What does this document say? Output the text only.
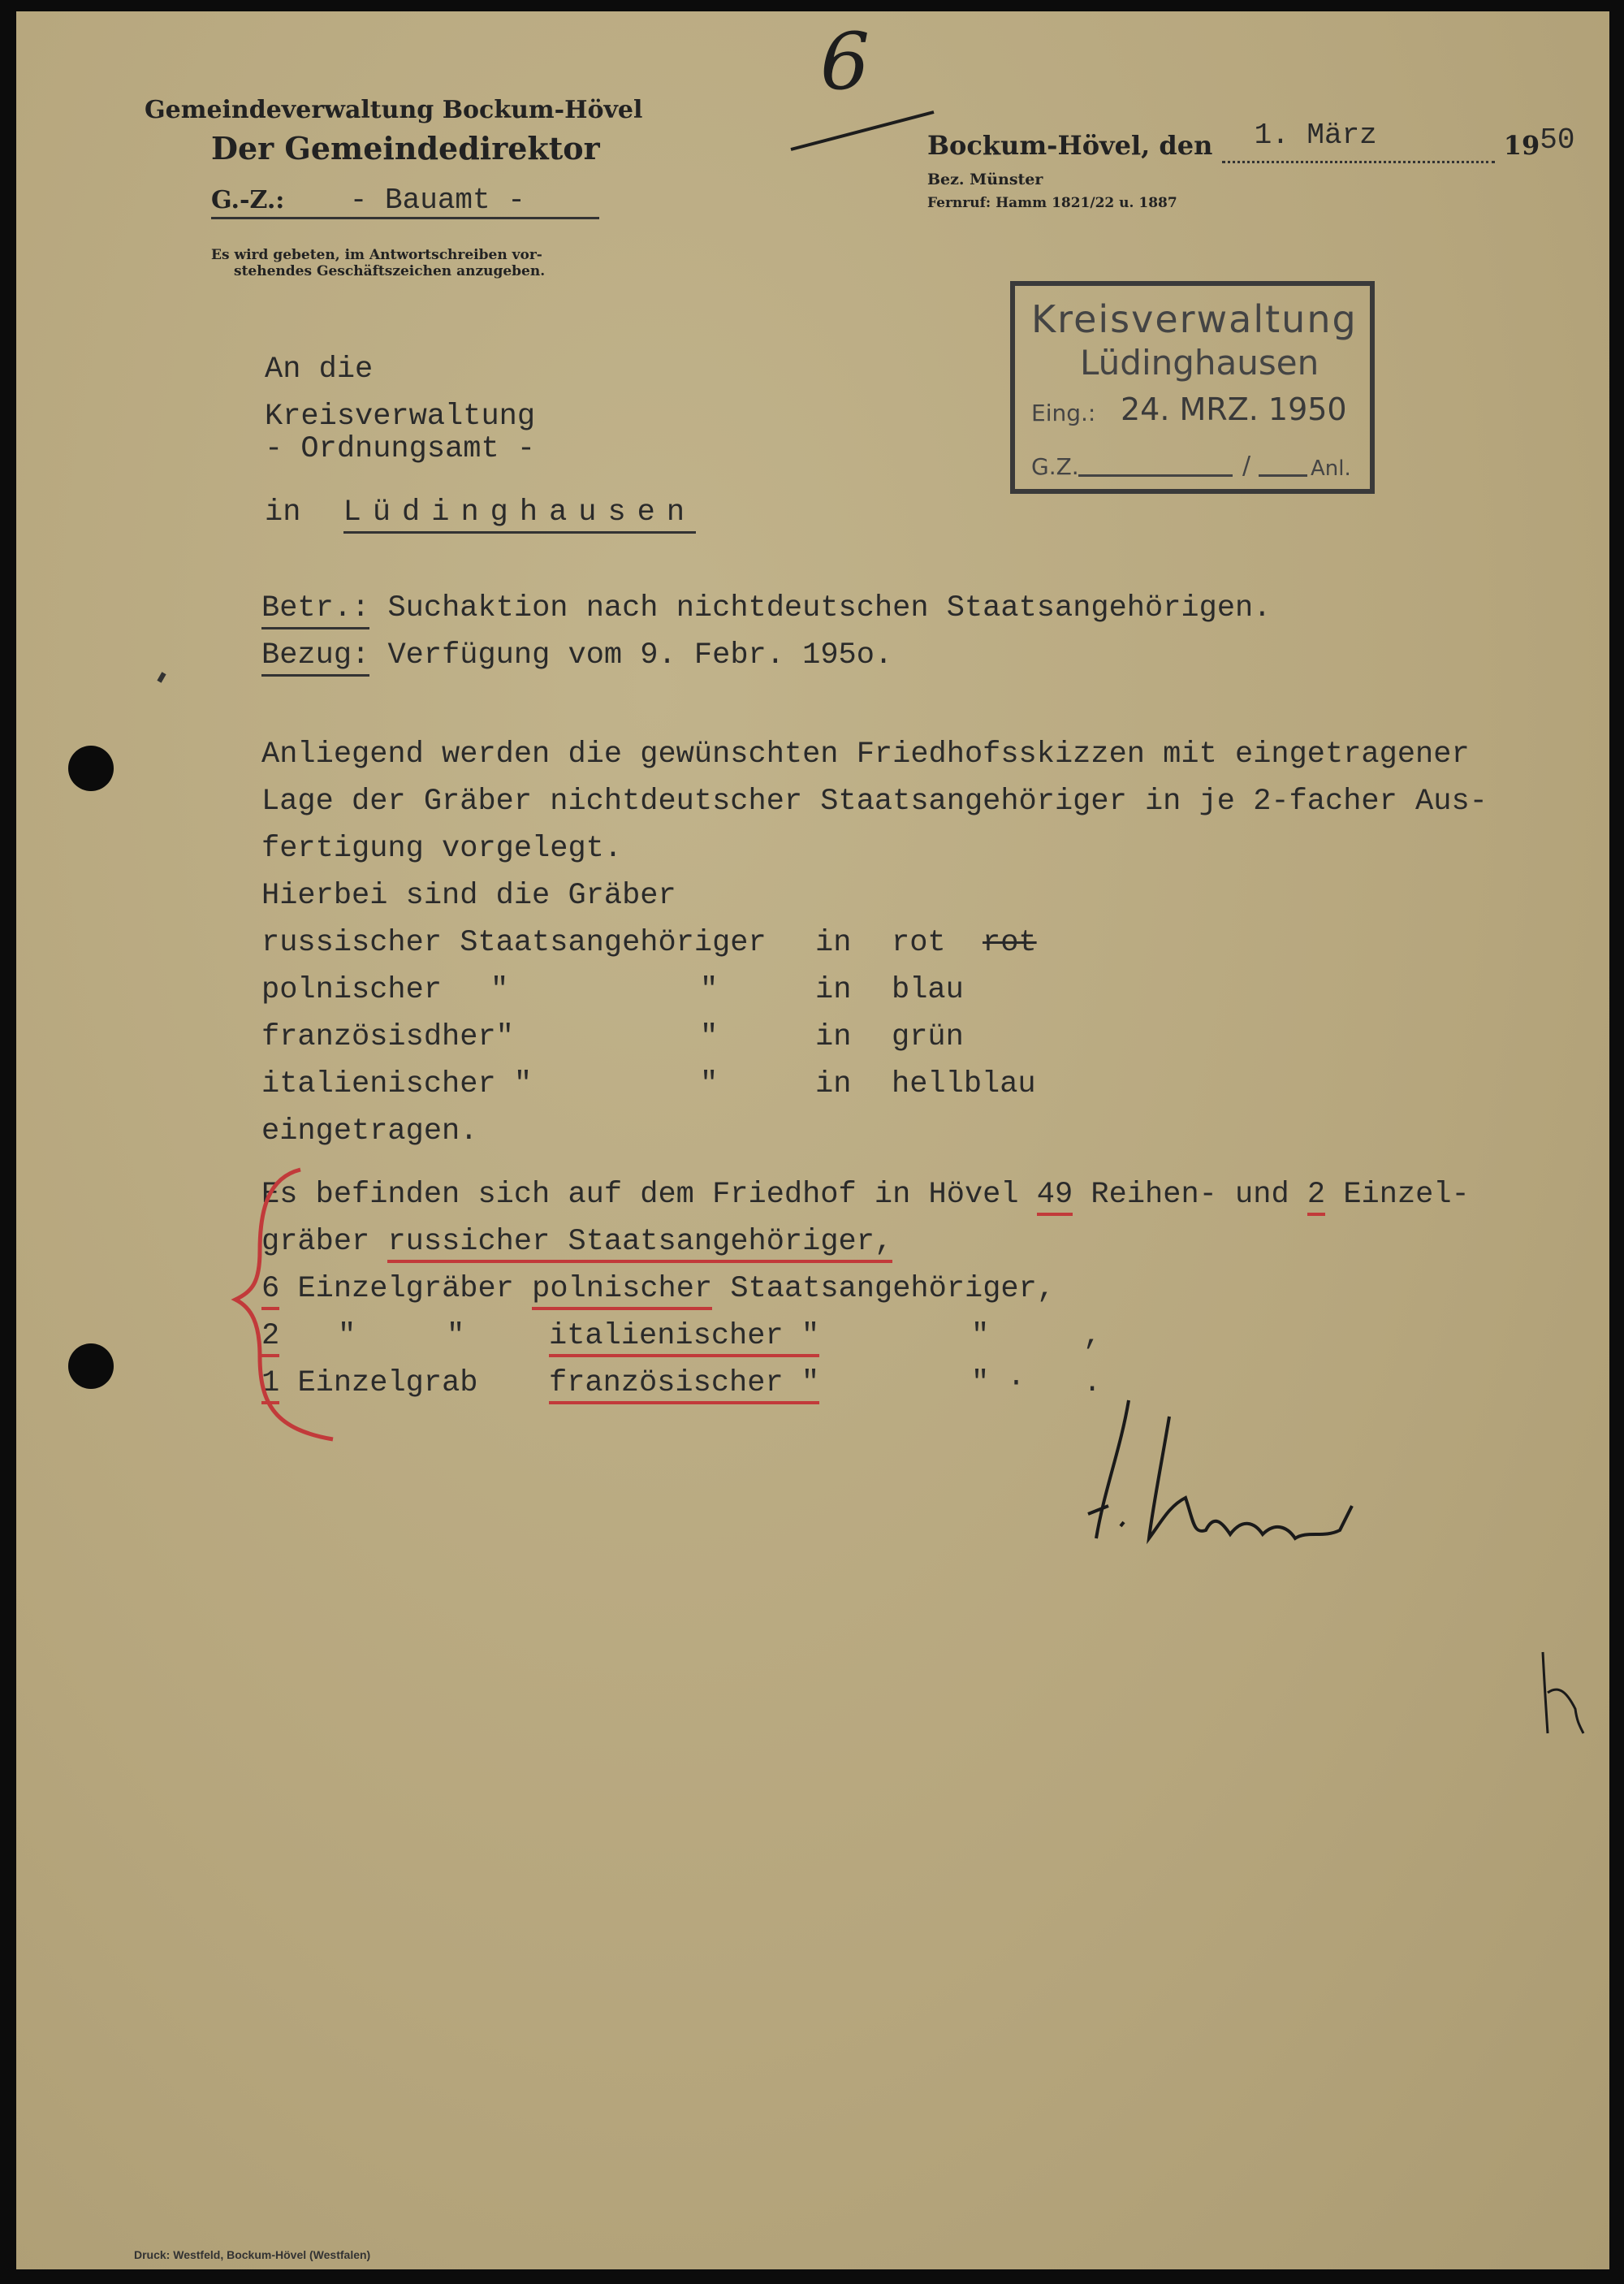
Gemeindeverwaltung Bockum-Hövel
Der Gemeindedirektor
G.-Z.: - Bauamt -
Es wird gebeten, im Antwortschreiben vor-
stehendes Geschäftszeichen anzugeben.
6
Bockum-Hövel, den 1. März	1950
Bez. Münster
Fernruf: Hamm 1821/22 u. 1887
Kreisverwaltung
Lüdinghausen
Eing.: 24. MRZ. 1950
G.Z.	/	Anl.
An die
Kreisverwaltung
- Ordnungsamt -
in Lüdinghausen
Betr.: Suchaktion nach nichtdeutschen Staatsangehörigen.
Bezug: Verfügung vom 9. Febr. 195o.
Anliegend werden die gewünschten Friedhofsskizzen mit eingetragener
Lage der Gräber nichtdeutscher Staatsangehöriger in je 2-facher Aus-
fertigung vorgelegt.
Hierbei sind die Gräber
russischer Staatsangehöriger in rot rot
polnischer "	"	in blau
französisdher"	"	in grün
italienischer "	"	in hellblau
eingetragen.
Es befinden sich auf dem Friedhof in Hövel 49 Reihen- und 2 Einzel-
gräber russicher Staatsangehöriger,
6 Einzelgräber polnischer Staatsangehöriger,
2 "	"	italienischer "	"	,
1 Einzelgrab französischer "	" · .
Druck: Westfeld, Bockum-Hövel (Westfalen)
